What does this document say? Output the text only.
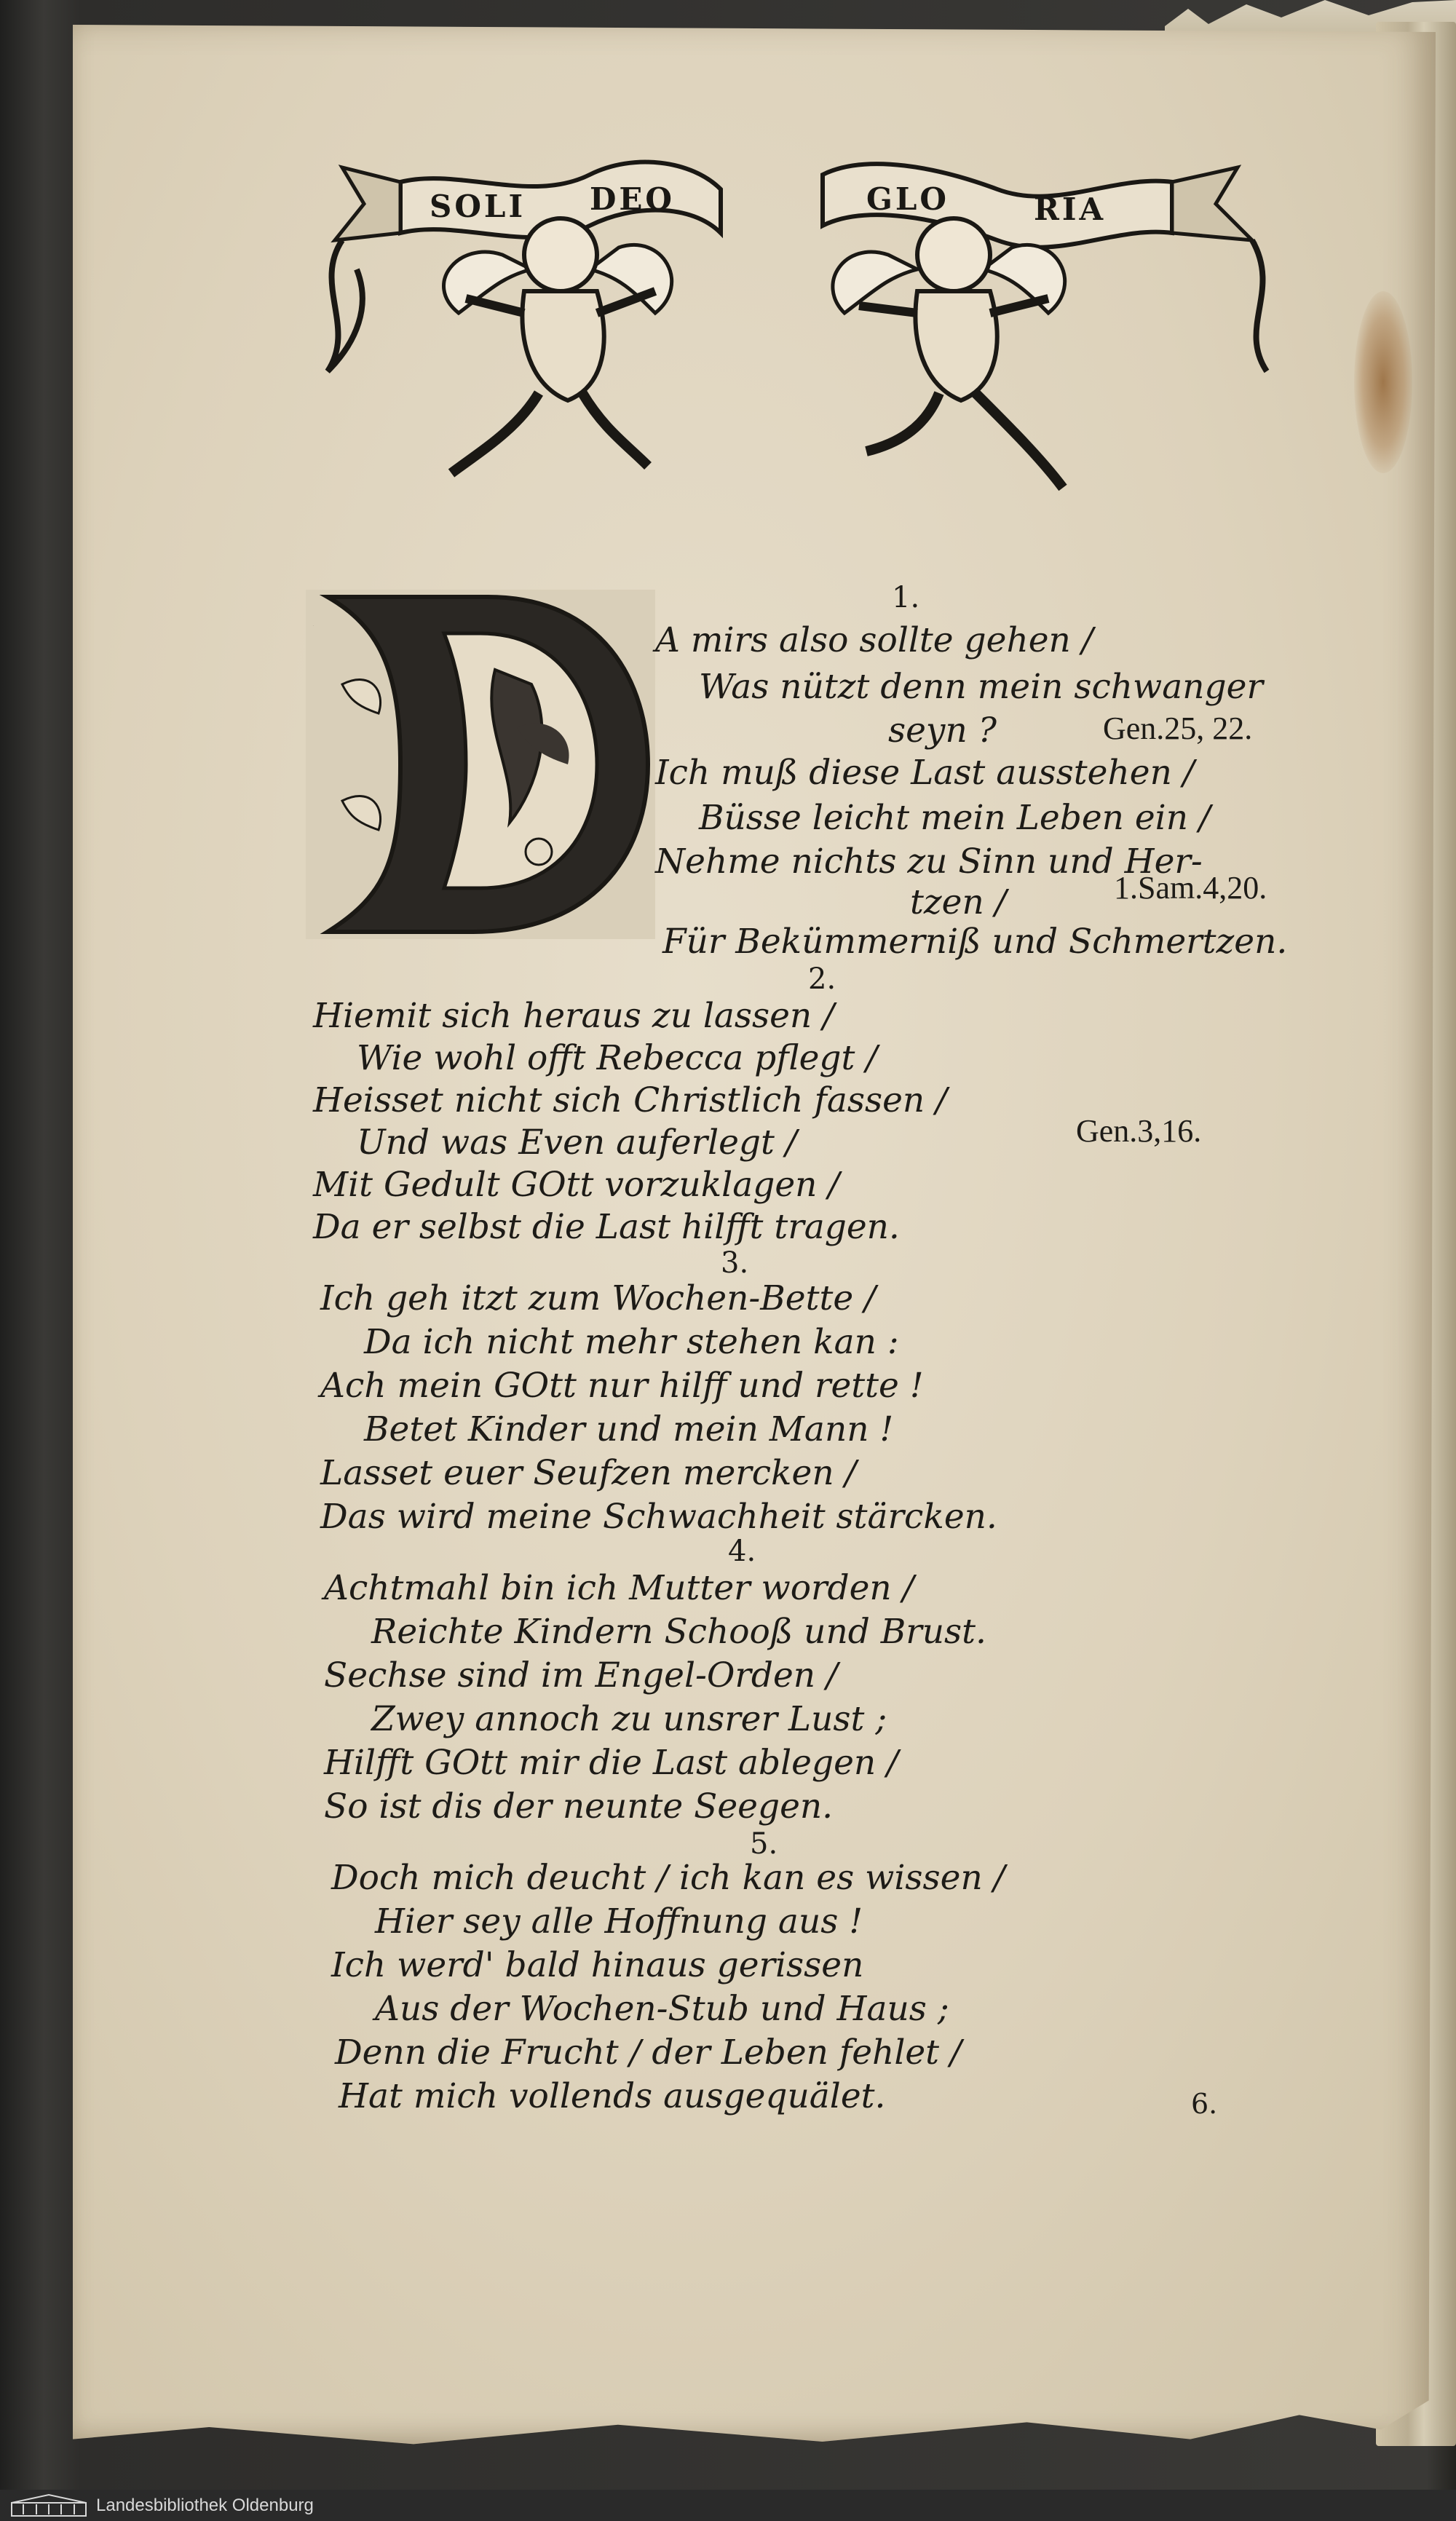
SOLI DEO	GLO	RIA
D
1.
A mirs also sollte gehen /
Was nützt denn mein schwanger
seyn ?	Gen.25, 22.
Ich muß diese Last ausstehen /
Büsse leicht mein Leben ein /
Nehme nichts zu Sinn und Her-
tzen /	1.Sam.4,20.
Für Bekümmerniß und Schmertzen.
2.
Hiemit sich heraus zu lassen /
Wie wohl offt Rebecca pflegt /
Heisset nicht sich Christlich fassen /
Und was Even auferlegt /	Gen.3,16.
Mit Gedult GOtt vorzuklagen /
Da er selbst die Last hilfft tragen.
3.
Ich geh itzt zum Wochen-Bette /
Da ich nicht mehr stehen kan :
Ach mein GOtt nur hilff und rette !
Betet Kinder und mein Mann !
Lasset euer Seufzen mercken /
Das wird meine Schwachheit stärcken.
4.
Achtmahl bin ich Mutter worden /
Reichte Kindern Schooß und Brust.
Sechse sind im Engel-Orden /
Zwey annoch zu unsrer Lust ;
Hilfft GOtt mir die Last ablegen /
So ist dis der neunte Seegen.
5.
Doch mich deucht / ich kan es wissen /
Hier sey alle Hoffnung aus !
Ich werd' bald hinaus gerissen
Aus der Wochen-Stub und Haus ;
Denn die Frucht / der Leben fehlet /
Hat mich vollends ausgequälet.	6.
Landesbibliothek Oldenburg
